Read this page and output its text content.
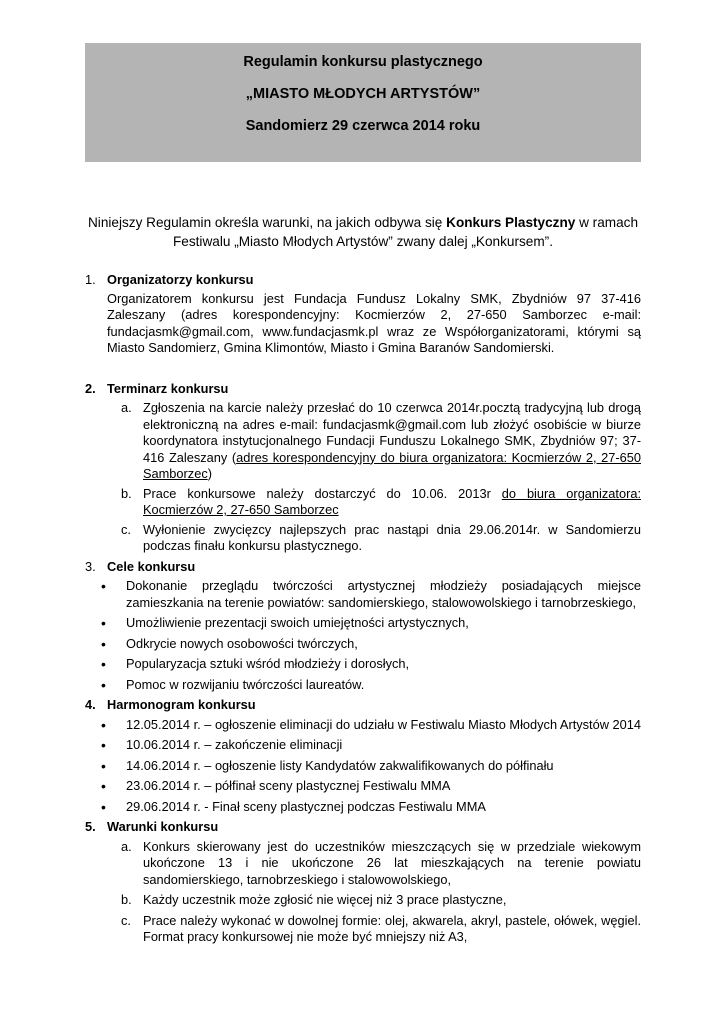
Regulamin konkursu plastycznego
„MIASTO MŁODYCH ARTYSTÓW”
Sandomierz 29 czerwca 2014 roku
Niniejszy Regulamin określa warunki, na jakich odbywa się Konkurs Plastyczny w ramach Festiwalu „Miasto Młodych Artystów” zwany dalej „Konkursem”.
1. Organizatorzy konkursu
Organizatorem konkursu jest Fundacja Fundusz Lokalny SMK, Zbydniów 97 37-416 Zaleszany (adres korespondencyjny: Kocmierzów 2, 27-650 Samborzec e-mail: fundacjasmk@gmail.com, www.fundacjasmk.pl wraz ze Współorganizatorami, którymi są Miasto Sandomierz, Gmina Klimontów, Miasto i Gmina Baranów Sandomierski.
2. Terminarz konkursu
a. Zgłoszenia na karcie należy przesłać do 10 czerwca 2014r.pocztą tradycyjną lub drogą elektroniczną na adres e-mail: fundacjasmk@gmail.com lub złożyć osobiście w biurze koordynatora instytucjonalnego Fundacji Funduszu Lokalnego SMK, Zbydniów 97; 37-416 Zaleszany (adres korespondencyjny do biura organizatora: Kocmierzów 2, 27-650 Samborzec)
b. Prace konkursowe należy dostarczyć do 10.06. 2013r do biura organizatora: Kocmierzów 2, 27-650 Samborzec
c. Wyłonienie zwycięzcy najlepszych prac nastąpi dnia 29.06.2014r. w Sandomierzu podczas finału konkursu plastycznego.
3. Cele konkursu
•	Dokonanie przeglądu twórczości artystycznej młodzieży posiadających miejsce zamieszkania na terenie powiatów: sandomierskiego, stalowowolskiego i tarnobrzeskiego,
•	Umożliwienie prezentacji swoich umiejętności artystycznych,
•	Odkrycie nowych osobowości twórczych,
•	Popularyzacja sztuki wśród młodzieży i dorosłych,
•	Pomoc w rozwijaniu twórczości laureatów.
4. Harmonogram konkursu
•	12.05.2014 r. – ogłoszenie eliminacji do udziału w Festiwalu Miasto Młodych Artystów 2014
•	10.06.2014 r. – zakończenie eliminacji
•	14.06.2014 r. – ogłoszenie listy Kandydatów zakwalifikowanych do półfinału
•	23.06.2014 r. – półfinał sceny plastycznej Festiwalu MMA
•	29.06.2014 r. - Finał sceny plastycznej podczas Festiwalu MMA
5. Warunki konkursu
a. Konkurs skierowany jest do uczestników mieszczących się w przedziale wiekowym ukończone 13 i nie ukończone 26 lat mieszkających na terenie powiatu sandomierskiego, tarnobrzeskiego i stalowowolskiego,
b. Każdy uczestnik może zgłosić nie więcej niż 3 prace plastyczne,
c. Prace należy wykonać w dowolnej formie: olej, akwarela, akryl, pastele, ołówek, węgiel. Format pracy konkursowej nie może być mniejszy niż A3,
